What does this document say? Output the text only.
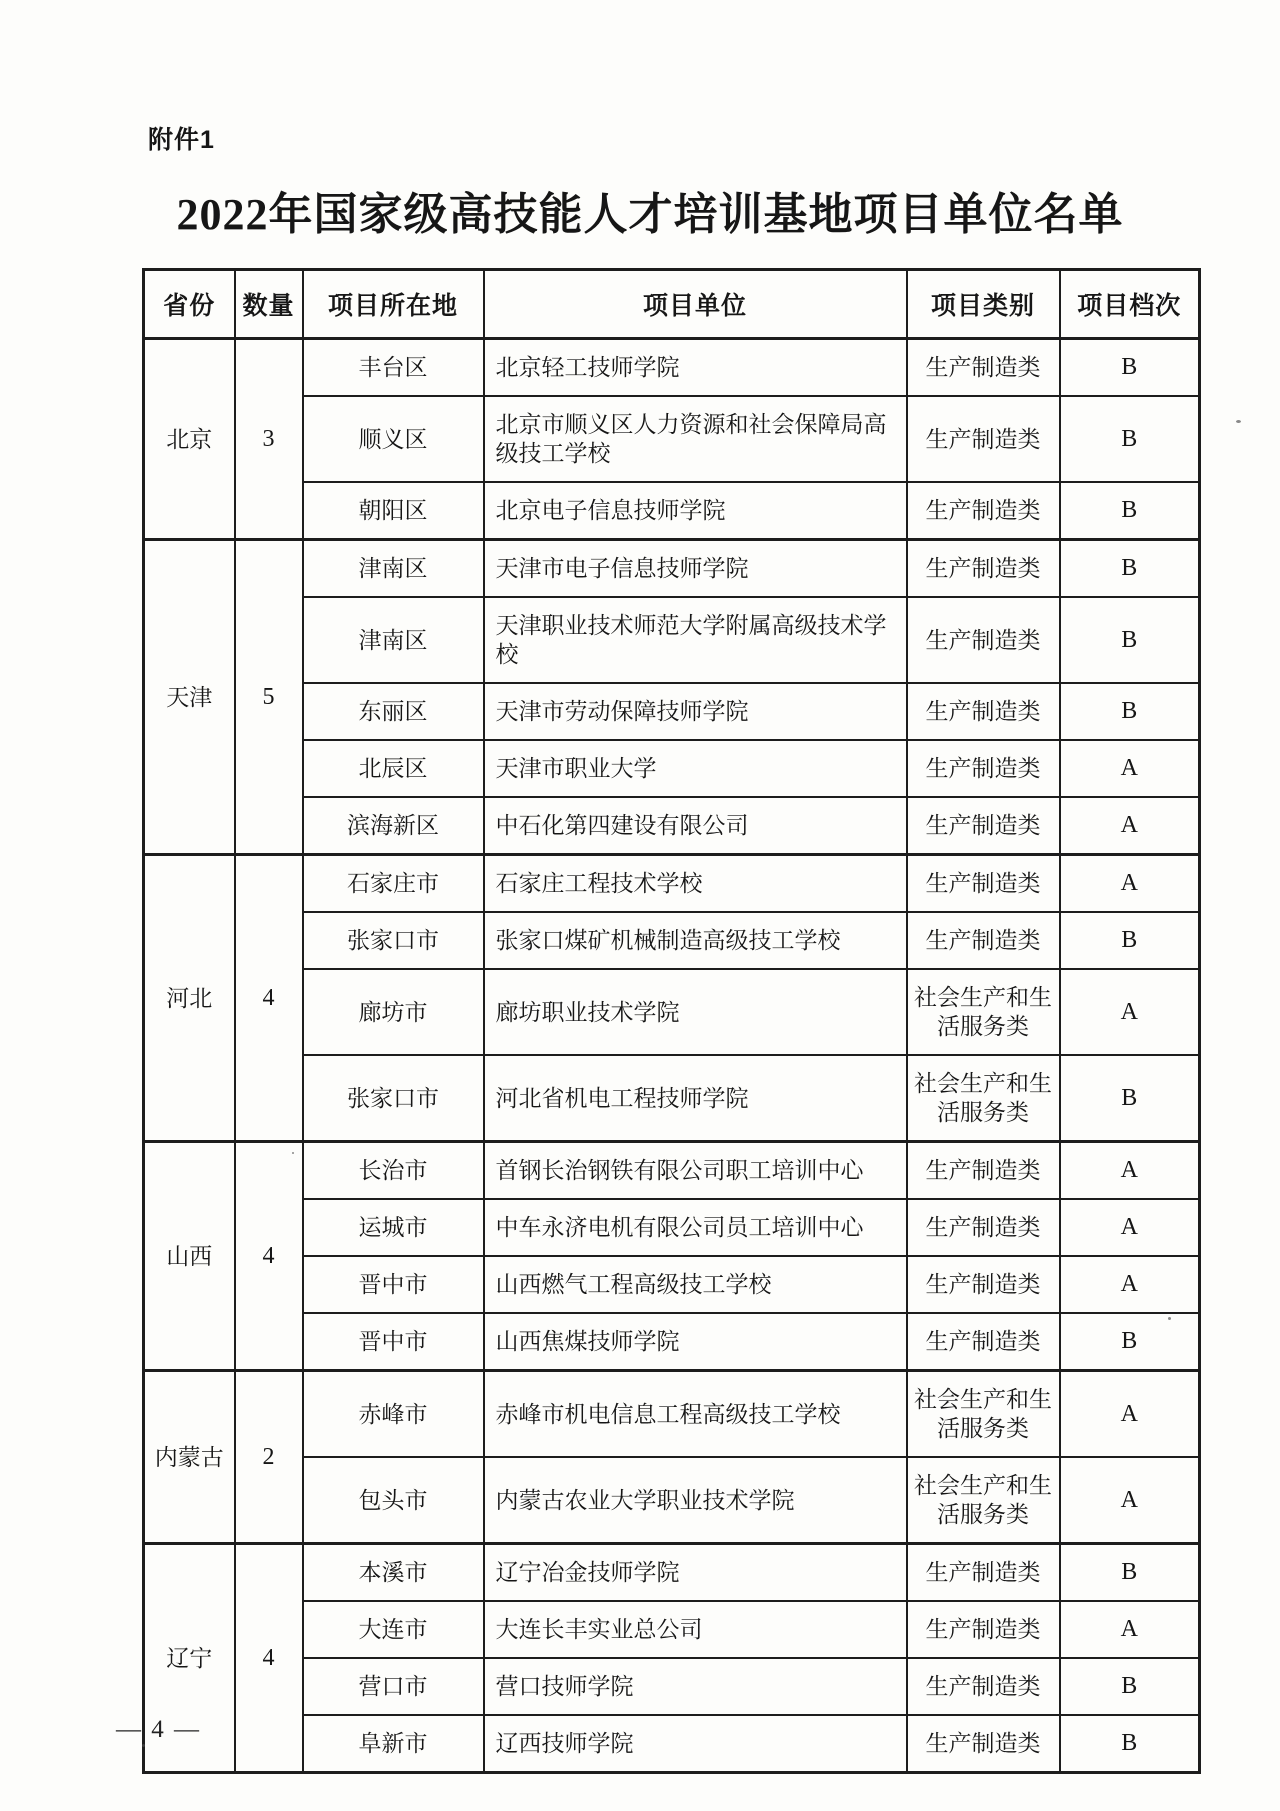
附件1
2022年国家级高技能人才培训基地项目单位名单
省份	数量	项目所在地	项目单位	项目类别	项目档次
北京	3	丰台区	北京轻工技师学院	生产制造类	B
		顺义区	北京市顺义区人力资源和社会保障局高级技工学校	生产制造类	B
		朝阳区	北京电子信息技师学院	生产制造类	B
天津	5	津南区	天津市电子信息技师学院	生产制造类	B
		津南区	天津职业技术师范大学附属高级技术学校	生产制造类	B
		东丽区	天津市劳动保障技师学院	生产制造类	B
		北辰区	天津市职业大学	生产制造类	A
		滨海新区	中石化第四建设有限公司	生产制造类	A
河北	4	石家庄市	石家庄工程技术学校	生产制造类	A
		张家口市	张家口煤矿机械制造高级技工学校	生产制造类	B
		廊坊市	廊坊职业技术学院	社会生产和生活服务类	A
		张家口市	河北省机电工程技师学院	社会生产和生活服务类	B
山西	4	长治市	首钢长治钢铁有限公司职工培训中心	生产制造类	A
		运城市	中车永济电机有限公司员工培训中心	生产制造类	A
		晋中市	山西燃气工程高级技工学校	生产制造类	A
		晋中市	山西焦煤技师学院	生产制造类	B
内蒙古	2	赤峰市	赤峰市机电信息工程高级技工学校	社会生产和生活服务类	A
		包头市	内蒙古农业大学职业技术学院	社会生产和生活服务类	A
辽宁	4	本溪市	辽宁冶金技师学院	生产制造类	B
		大连市	大连长丰实业总公司	生产制造类	A
		营口市	营口技师学院	生产制造类	B
		阜新市	辽西技师学院	生产制造类	B
— 4 —
